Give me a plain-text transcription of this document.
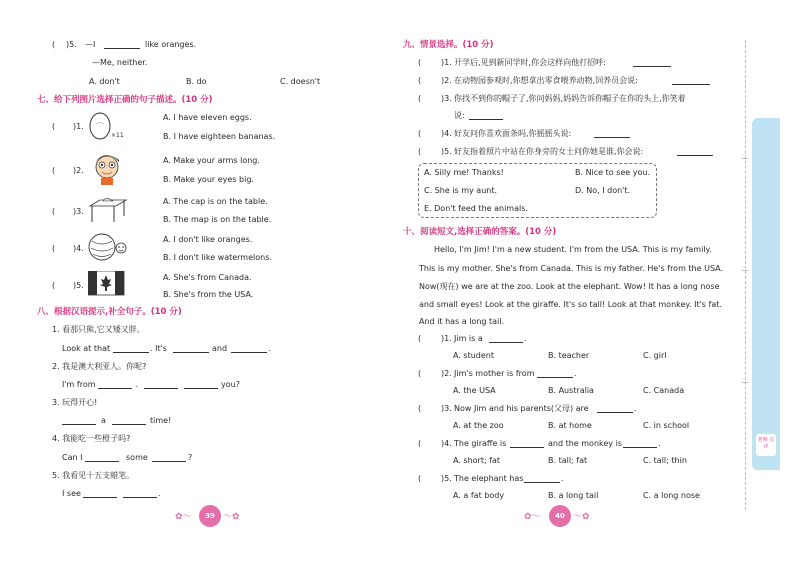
( )5. —I	like oranges.
—Me, neither.
A. don't	B. do	C. doesn't
七、给下列图片选择正确的句子描述。(10 分)
( )1.
×11
A. I have eleven eggs.
B. I have eighteen bananas.
( )2.
A. Make your arms long.
B. Make your eyes big.
( )3.
A. The cap is on the table.
B. The map is on the table.
( )4.
A. I don't like oranges.
B. I don't like watermelons.
( )5.
A. She's from Canada.
B. She's from the USA.
八、根据汉语提示,补全句子。(10 分)
1. 看那只熊,它又矮又胖。
Look at that	. It's	and	.
2. 我是澳大利亚人。你呢?
I'm from	.	you?
3. 玩得开心!
a	time!
4. 我能吃一些橙子吗?
Can I	some	?
5. 我看见十五支蜡笔。
I see	.
✿〜	39 〜✿
九、情景选择。(10 分)
( )1. 开学后,见到新同学时,你会这样向他打招呼:
( )2. 在动物园参观时,你想拿出零食喂养动物,饲养员会说:
( )3. 你找不到你的帽子了,你问妈妈,妈妈告诉你帽子在你的头上,你笑着
说:
( )4. 好友问你喜欢面条吗,你摇摇头说:
( )5. 好友指着照片中站在你身旁的女士问你她是谁,你会说:
A. Silly me! Thanks!	B. Nice to see you.
C. She is my aunt.	D. No, I don't.
E. Don't feed the animals.
十、阅读短文,选择正确的答案。(10 分)
Hello, I'm Jim! I'm a new student. I'm from the USA. This is my family.
This is my mother. She's from Canada. This is my father. He's from the USA.
Now(现在) we are at the zoo. Look at the elephant. Wow! It has a long nose
and small eyes! Look at the giraffe. It's so tall! Look at that monkey. It's fat.
And it has a long tail.
( )1. Jim is a	.
A. student	B. teacher	C. girl
( )2. Jim's mother is from	.
A. the USA	B. Australia	C. Canada
( )3. Now Jim and his parents(父母) are	.
A. at the zoo	B. at home	C. in school
( )4. The giraffe is	and the monkey is	.
A. short; fat	B. tall; fat	C. tall; thin
( )5. The elephant has	.
A. a fat body	B. a long tail	C. a long nose
✿〜	40 〜✿
老师 点评
